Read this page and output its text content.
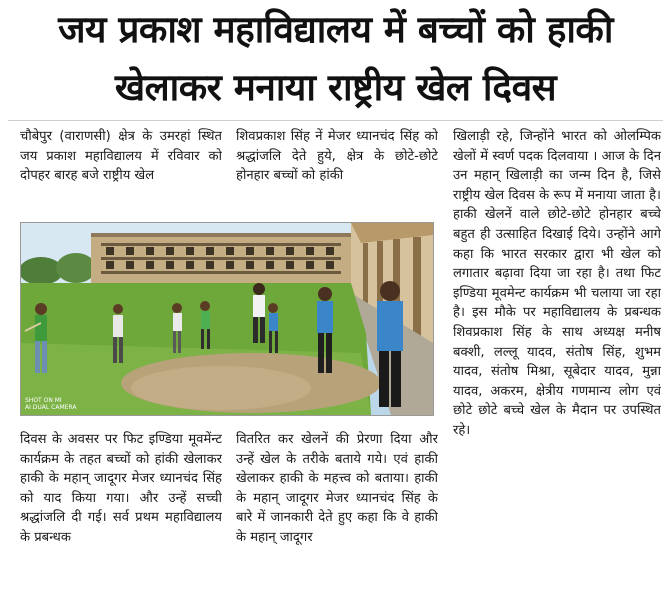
जय प्रकाश महाविद्यालय में बच्चों को हाकी
खेलाकर मनाया राष्ट्रीय खेल दिवस

चौबेपुर (वाराणसी) क्षेत्र के उमरहां स्थित जय प्रकाश महाविद्यालय में रविवार को दोपहर बारह बजे राष्ट्रीय खेल

शिवप्रकाश सिंह नें मेजर ध्यानचंद सिंह को श्रद्धांजलि देते हुये, क्षेत्र के छोटे-छोटे होनहार बच्चों को हांकी

खिलाड़ी रहे, जिन्होंने भारत को ओलम्पिक खेलों में स्वर्ण पदक दिलवाया । आज के दिन उन महान् खिलाड़ी का जन्म दिन है, जिसे राष्ट्रीय खेल दिवस के रूप में मनाया जाता है। हाकी खेलनें वाले छोटे-छोटे होनहार बच्चे बहुत ही उत्साहित दिखाई दिये। उन्होंने आगे कहा कि भारत सरकार द्वारा भी खेल को लगातार बढ़ावा दिया जा रहा है। तथा फिट इण्डिया मूवमेन्ट कार्यक्रम भी चलाया जा रहा है। इस मौके पर महाविद्यालय के प्रबन्धक शिवप्रकाश सिंह के साथ अध्यक्ष मनीष बक्शी, लल्लू यादव, संतोष सिंह, शुभम यादव, संतोष मिश्रा, सूबेदार यादव, मुन्ना यादव, अकरम, क्षेत्रीय गणमान्य लोग एवं छोटे छोटे बच्चे खेल के मैदान पर उपस्थित रहे।

SHOT ON MI
AI DUAL CAMERA

दिवस के अवसर पर फिट इण्डिया मूवमेंन्ट कार्यक्रम के तहत बच्चों को हांकी खेलाकर हाकी के महान् जादूगर मेजर ध्यानचंद सिंह को याद किया गया। और उन्हें सच्ची श्रद्धांजलि दी गई। सर्व प्रथम महाविद्यालय के प्रबन्धक

वितरित कर खेलनें की प्रेरणा दिया और उन्हें खेल के तरीके बताये गये। एवं हाकी खेलाकर हाकी के महत्त्व को बताया। हाकी के महान् जादूगर मेजर ध्यानचंद सिंह के बारे में जानकारी देते हुए कहा कि वे हाकी के महान् जादूगर
